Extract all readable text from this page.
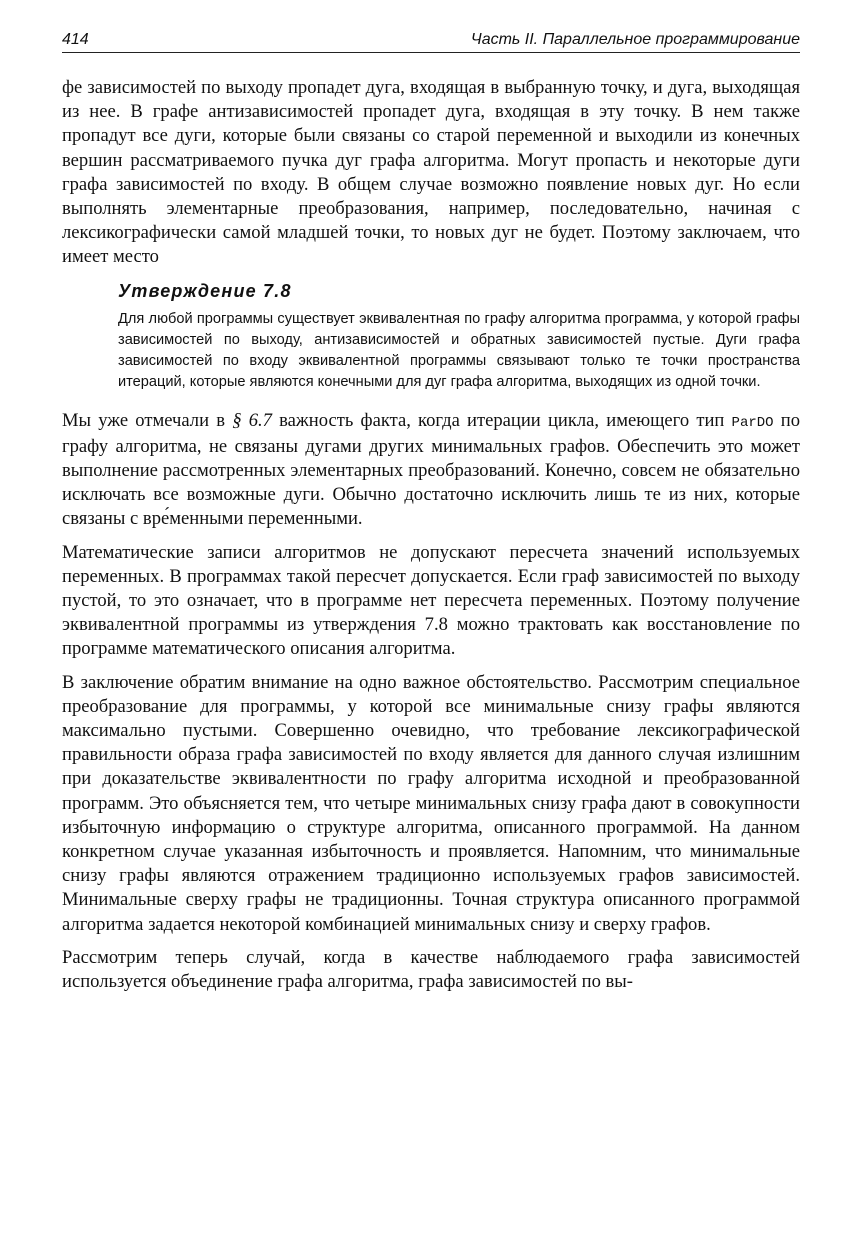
414	Часть II. Параллельное программирование

фе зависимостей по выходу пропадет дуга, входящая в выбранную точку, и дуга, выходящая из нее. В графе антизависимостей пропадет дуга, входящая в эту точку. В нем также пропадут все дуги, которые были связаны со старой переменной и выходили из конечных вершин рассматриваемого пучка дуг графа алгоритма. Могут пропасть и некоторые дуги графа зависимостей по входу. В общем случае возможно появление новых дуг. Но если выполнять элементарные преобразования, например, последовательно, начиная с лексикографически самой младшей точки, то новых дуг не будет. Поэтому заключаем, что имеет место

Утверждение 7.8

Для любой программы существует эквивалентная по графу алгоритма программа, у которой графы зависимостей по выходу, антизависимостей и обратных зависимостей пустые. Дуги графа зависимостей по входу эквивалентной программы связывают только те точки пространства итераций, которые являются конечными для дуг графа алгоритма, выходящих из одной точки.

Мы уже отмечали в § 6.7 важность факта, когда итерации цикла, имеющего тип ParDO по графу алгоритма, не связаны дугами других минимальных графов. Обеспечить это может выполнение рассмотренных элементарных преобразований. Конечно, совсем не обязательно исключать все возможные дуги. Обычно достаточно исключить лишь те из них, которые связаны с вре́менными переменными.

Математические записи алгоритмов не допускают пересчета значений используемых переменных. В программах такой пересчет допускается. Если граф зависимостей по выходу пустой, то это означает, что в программе нет пересчета переменных. Поэтому получение эквивалентной программы из утверждения 7.8 можно трактовать как восстановление по программе математического описания алгоритма.

В заключение обратим внимание на одно важное обстоятельство. Рассмотрим специальное преобразование для программы, у которой все минимальные снизу графы являются максимально пустыми. Совершенно очевидно, что требование лексикографической правильности образа графа зависимостей по входу является для данного случая излишним при доказательстве эквивалентности по графу алгоритма исходной и преобразованной программ. Это объясняется тем, что четыре минимальных снизу графа дают в совокупности избыточную информацию о структуре алгоритма, описанного программой. На данном конкретном случае указанная избыточность и проявляется. Напомним, что минимальные снизу графы являются отражением традиционно используемых графов зависимостей. Минимальные сверху графы не традиционны. Точная структура описанного программой алгоритма задается некоторой комбинацией минимальных снизу и сверху графов.

Рассмотрим теперь случай, когда в качестве наблюдаемого графа зависимостей используется объединение графа алгоритма, графа зависимостей по вы-
